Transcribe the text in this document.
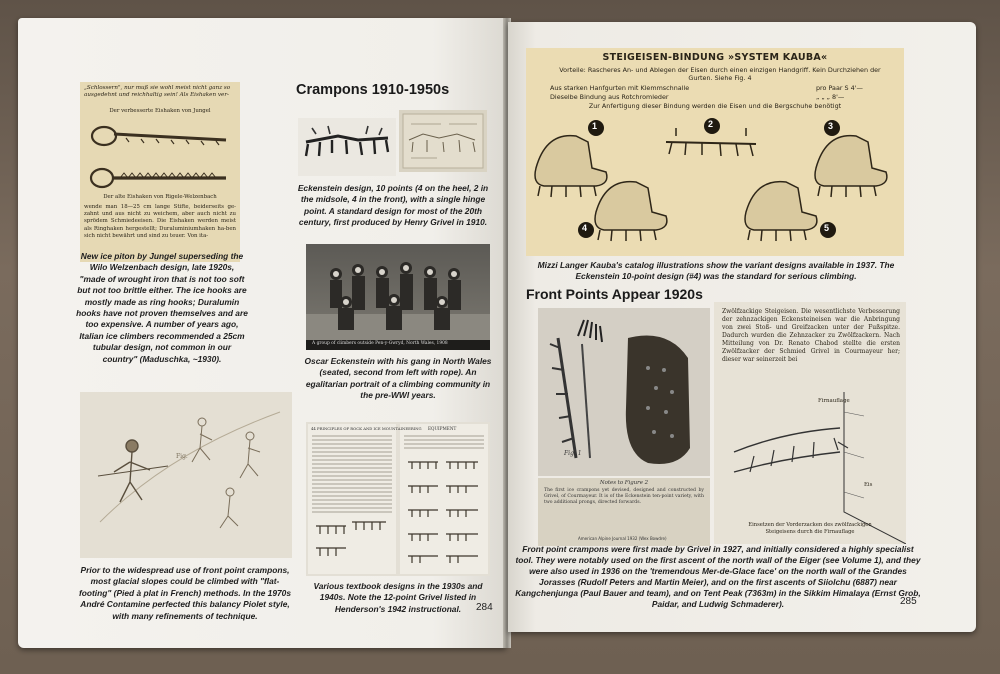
„Schlossern", nur muß sie wohl meist nicht ganz so ausgedehnt und reichhaltig sein! Als Eishaken ver-
Der verbesserte Eishaken von Jungel
Der alte Eishaken von Rigele-Welzenbach
wende man 18—25 cm lange Stifte, beiderseits ge-zahnt und aus nicht zu weichem, aber auch nicht zu sprödem Schmiedeeisen. Die Eishaken werden meist als Ringhaken hergestellt; Duraluminiumhaken ha-ben sich nicht bewährt und sind zu teuer. Von ita-
New ice piton by Jungel superseding the Wilo Welzenbach design, late 1920s, "made of wrought iron that is not too soft but not too brittle either. The ice hooks are mostly made as ring hooks; Duralumin hooks have not proven themselves and are too expensive. A number of years ago, Italian ice climbers recommended a 25cm tubular design, not common in our country" (Maduschka, ~1930).
Crampons 1910-1950s
Eckenstein design, 10 points (4 on the heel, 2 in the midsole, 4 in the front), with a single hinge point. A standard design for most of the 20th century, first produced by Henry Grivel in 1910.
A group of climbers outside Pen-y-Gwryd, North Wales, 1908
Oscar Eckenstein with his gang in North Wales (seated, second from left with rope). An egalitarian portrait of a climbing community in the pre-WWI years.
Fig.
Prior to the widespread use of front point crampons, most glacial slopes could be climbed with "flat-footing" (Pied à plat in French) methods. In the 1970s André Contamine perfected this balancy Piolet style, with many refinements of technique.
44 PRINCIPLES OF ROCK AND ICE MOUNTAINEERING EQUIPMENT
Various textbook designs in the 1930s and 1940s. Note the 12-point Grivel listed in Henderson's 1942 instructional.	284
STEIGEISEN-BINDUNG »SYSTEM KAUBA«
Vorteile: Rascheres An- und Ablegen der Eisen durch einen einzigen Handgriff. Kein Durchziehen der Gurten. Siehe Fig. 4
Aus starken Hanfgurten mit Klemmschnalle	pro Paar S 4'—
Dieselbe Bindung aus Rotchromleder	„ „ „ 8'—
Zur Anfertigung dieser Bindung werden die Eisen und die Bergschuhe benötigt
1	2	3
4	5
Mizzi Langer Kauba's catalog illustrations show the variant designs available in 1937. The Eckenstein 10-point design (#4) was the standard for serious climbing.
Front Points Appear 1920s
Fig. 1
Notes to Figure 2
The first ice crampons yet devised, designed and constructed by Grivel, of Courmayeur. It is of the Eckenstein ten-point variety, with two additional prongs, directed forwards.
American Alpine Journal 1932 (Wex Bowdre)
Zwölfzackige Steigeisen. Die wesentlichste Verbesserung der zehnzackigen Eckensteineisen war die Anbringung von zwei Stoß- und Greifzacken unter der Fußspitze. Dadurch wurden die Zehnzacker zu Zwölfzackern. Nach Mitteilung von Dr. Renato Chabod stellte die ersten Zwölfzacker der Schmied Grivel in Courmayeur her; dieser war seinerzeit bei
Firnauflage
Eis
Einsetzen der Vorderzacken des zwölfzackigen Steigeisens durch die Firnauflage
Front point crampons were first made by Grivel in 1927, and initially considered a highly specialist tool. They were notably used on the first ascent of the north wall of the Eiger (see Volume 1), and they were also used in 1936 on the 'tremendous Mer-de-Glace face' on the north wall of the Grandes Jorasses (Rudolf Peters and Martin Meier), and on the first ascents of Siiolchu (6887) near Kangchenjunga (Paul Bauer and team), and on Tent Peak (7363m) in the Sikkim Himalaya (Ernst Grob, Paidar, and Ludwig Schmaderer).	285
